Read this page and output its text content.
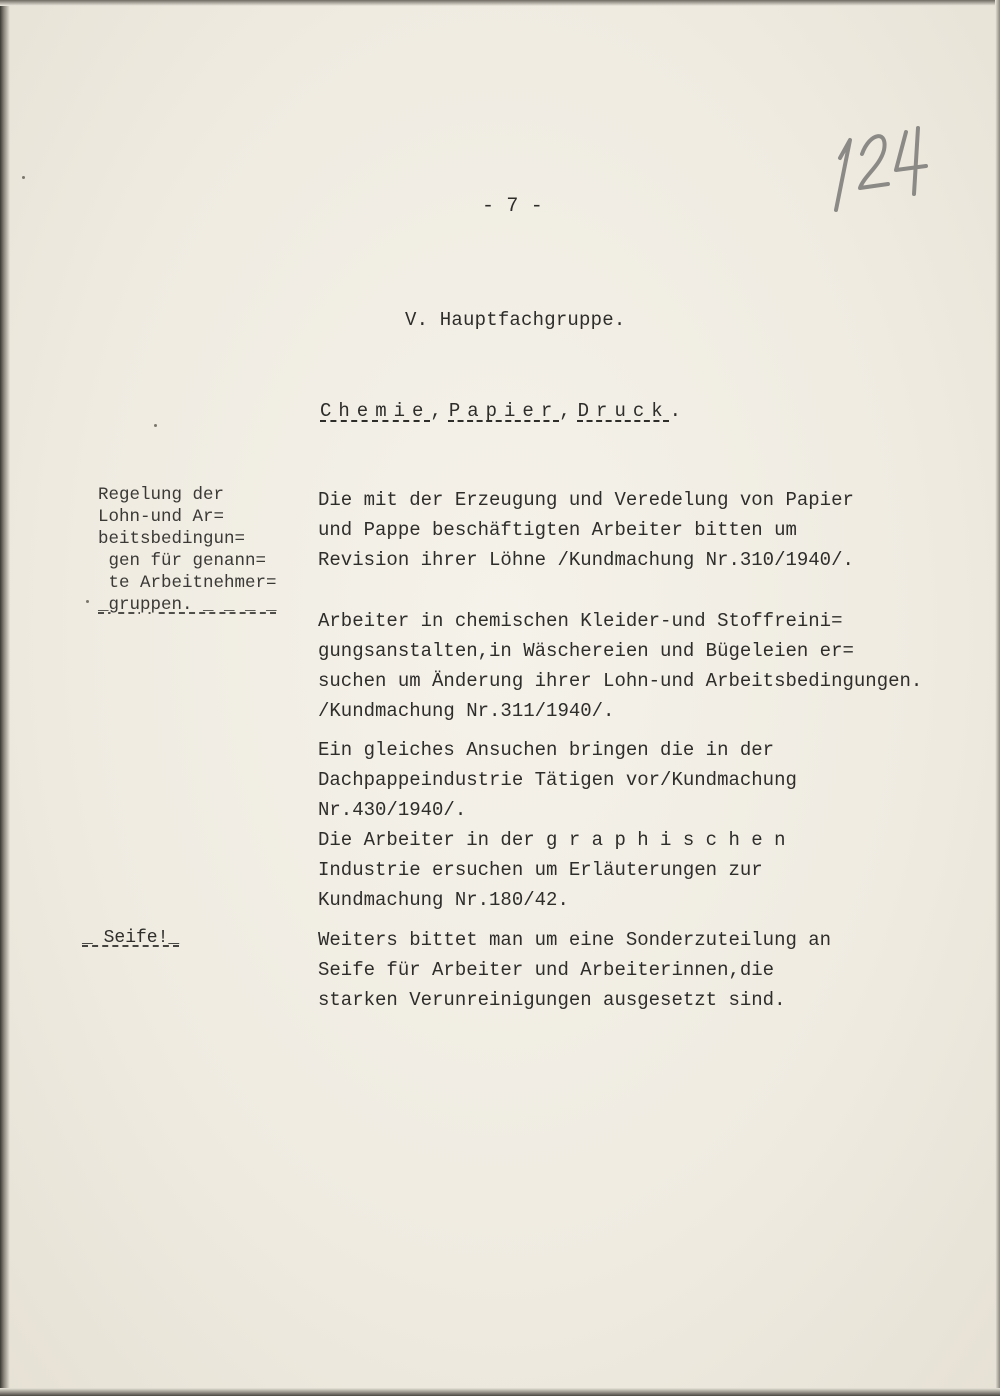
124
- 7 -
V. Hauptfachgruppe.
Chemie,Papier,Druck.
Regelung der
Lohn-und Ar=
beitsbedingun=
gen für genann=
te Arbeitnehmer=
_gruppen. _ _ _ _
_ Seife!_
Die mit der Erzeugung und Veredelung von Papier
und Pappe beschäftigten Arbeiter bitten um
Revision ihrer Löhne /Kundmachung Nr.310/1940/.
Arbeiter in chemischen Kleider-und Stoffreini=
gungsanstalten,in Wäschereien und Bügeleien er=
suchen um Änderung ihrer Lohn-und Arbeitsbedingungen.
/Kundmachung Nr.311/1940/.
Ein gleiches Ansuchen bringen die in der
Dachpappeindustrie Tätigen vor/Kundmachung
Nr.430/1940/.
Die Arbeiter in der g r a p h i s c h e n
Industrie ersuchen um Erläuterungen zur
Kundmachung Nr.180/42.
Weiters bittet man um eine Sonderzuteilung an
Seife für Arbeiter und Arbeiterinnen,die
starken Verunreinigungen ausgesetzt sind.
